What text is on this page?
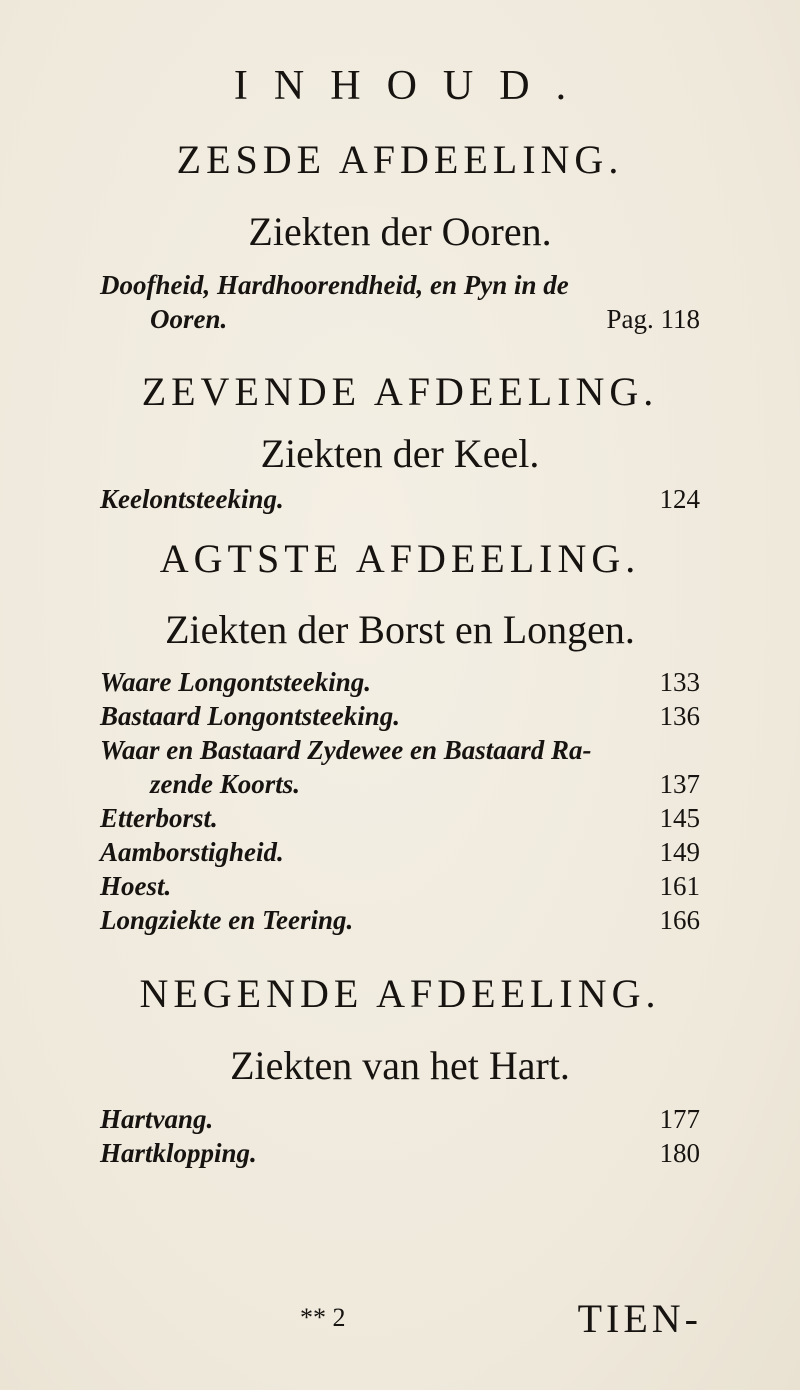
INHOUD.
ZESDE AFDEELING.
Ziekten der Ooren.
Doofheid, Hardhoorendheid, en Pyn in de
Ooren.	Pag. 118
ZEVENDE AFDEELING.
Ziekten der Keel.
Keelontsteeking.	124
AGTSTE AFDEELING.
Ziekten der Borst en Longen.
Waare Longontsteeking.	133
Bastaard Longontsteeking.	136
Waar en Bastaard Zydewee en Bastaard Ra-
zende Koorts.	137
Etterborst.	145
Aamborstigheid.	149
Hoest.	161
Longziekte en Teering.	166
NEGENDE AFDEELING.
Ziekten van het Hart.
Hartvang.	177
Hartklopping.	180
** 2	TIEN-
